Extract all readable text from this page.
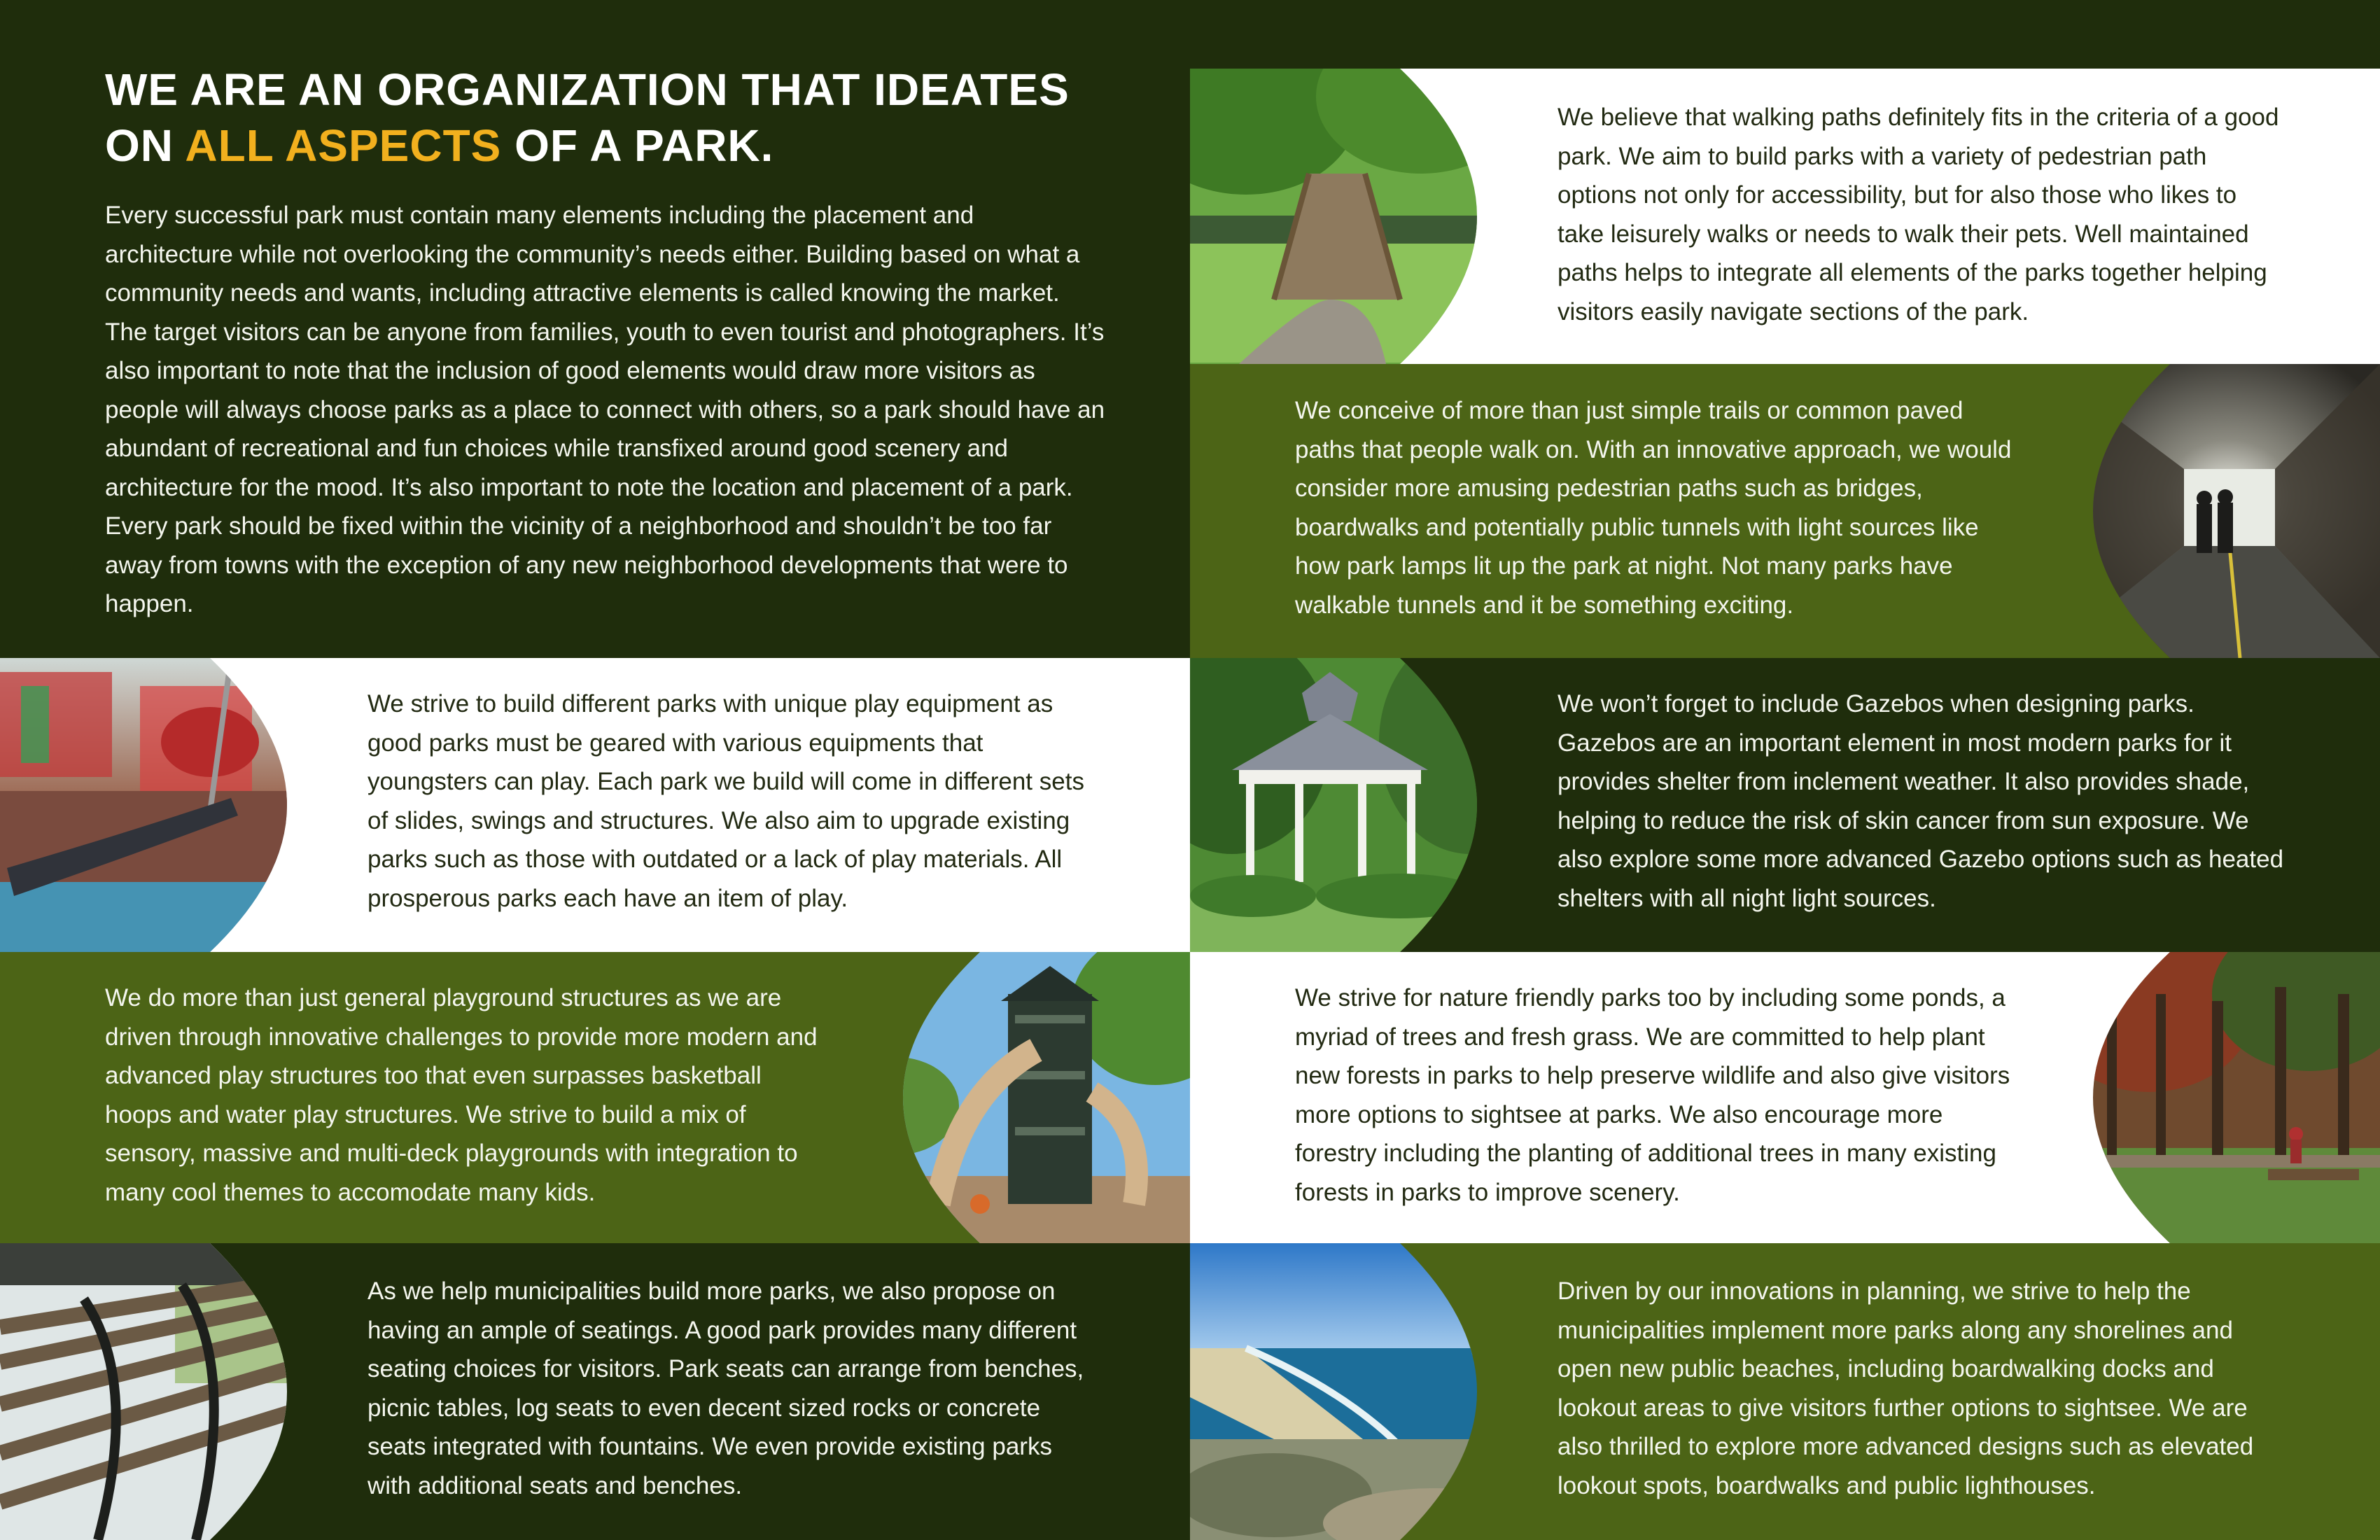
WE ARE AN ORGANIZATION THAT IDEATES
ON ALL ASPECTS OF A PARK.

Every successful park must contain many elements including the placement and architecture while not overlooking the community’s needs either. Building based on what a community needs and wants, including attractive elements is called knowing the market. The target visitors can be anyone from families, youth to even tourist and photographers. It’s also important to note that the inclusion of good elements would draw more visitors as people will always choose parks as a place to connect with others, so a park should have an abundant of recreational and fun choices while transfixed around good scenery and architecture for the mood. It’s also important to note the location and placement of a park. Every park should be fixed within the vicinity of a neighborhood and shouldn’t be too far away from towns with the exception of any new neighborhood developments that were to happen.

We strive to build different parks with unique play equipment as good parks must be geared with various equipments that youngsters can play. Each park we build will come in different sets of slides, swings and structures. We also aim to upgrade existing parks such as those with outdated or a lack of play materials. All prosperous parks each have an item of play.

We do more than just general playground structures as we are driven through innovative challenges to provide more modern and advanced play structures too that even surpasses basketball hoops and water play structures. We strive to build a mix of sensory, massive and multi-deck playgrounds with integration to many cool themes to accomodate many kids.

As we help municipalities build more parks, we also propose on having an ample of seatings. A good park provides many different seating choices for visitors. Park seats can arrange from benches, picnic tables, log seats to even decent sized rocks or concrete seats integrated with fountains. We even provide existing parks with additional seats and benches.

We believe that walking paths definitely fits in the criteria of a good park. We aim to build parks with a variety of pedestrian path options not only for accessibility, but for also those who likes to take leisurely walks or needs to walk their pets. Well maintained paths helps to integrate all elements of the parks together helping visitors easily navigate sections of the park.

We conceive of more than just simple trails or common paved paths that people walk on. With an innovative approach, we would consider more amusing pedestrian paths such as bridges, boardwalks and potentially public tunnels with light sources like how park lamps lit up the park at night. Not many parks have walkable tunnels and it be something exciting.

We won’t forget to include Gazebos when designing parks. Gazebos are an important element in most modern parks for it provides shelter from inclement weather. It also provides shade, helping to reduce the risk of skin cancer from sun exposure. We also explore some more advanced Gazebo options such as heated shelters with all night light sources.

We strive for nature friendly parks too by including some ponds, a myriad of trees and fresh grass. We are committed to help plant new forests in parks to help preserve wildlife and also give visitors more options to sightsee at parks. We also encourage more forestry including the planting of additional trees in many existing forests in parks to improve scenery.

Driven by our innovations in planning, we strive to help the municipalities implement more parks along any shorelines and open new public beaches, including boardwalking docks and lookout areas to give visitors further options to sightsee. We are also thrilled to explore more advanced designs such as elevated lookout spots, boardwalks and public lighthouses.
